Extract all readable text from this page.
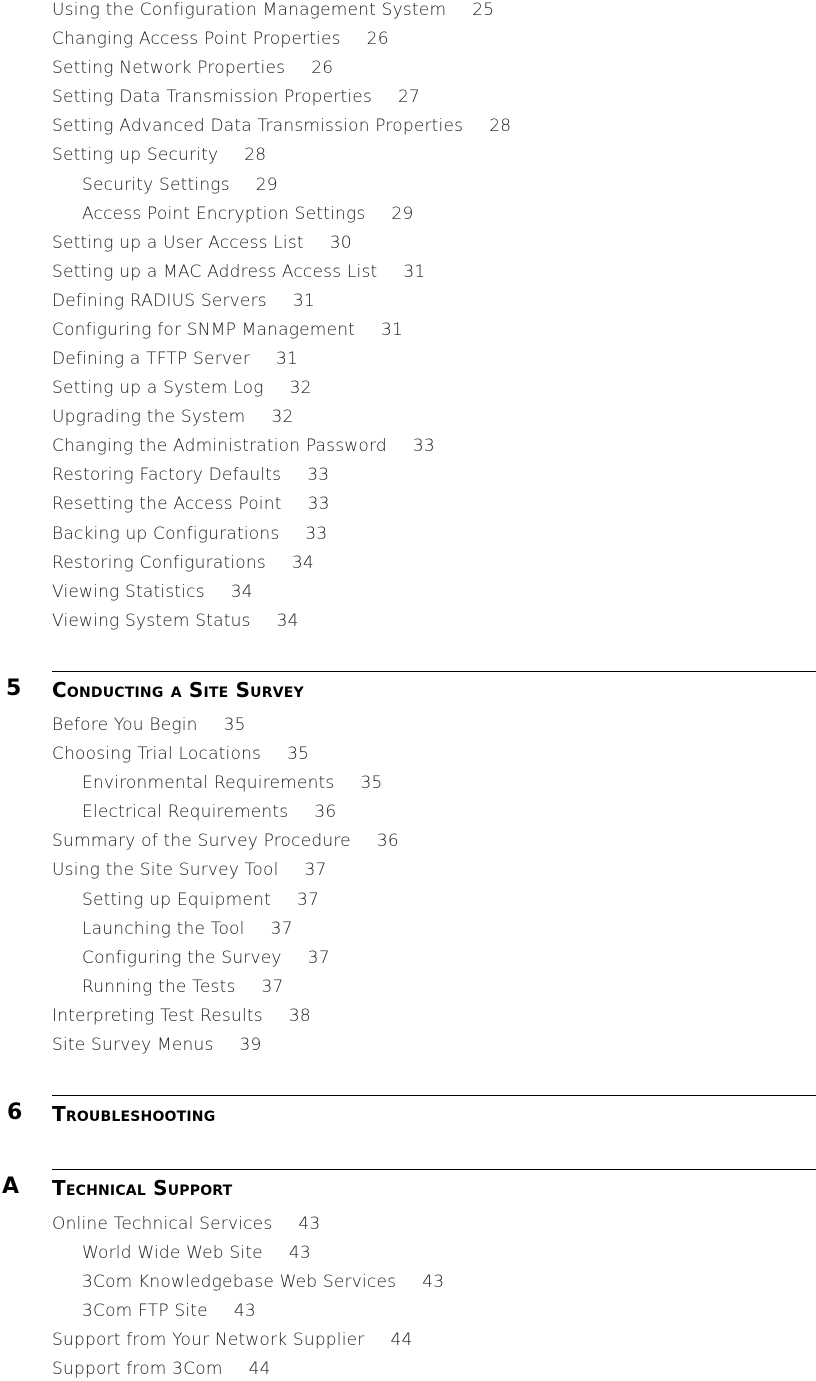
Using the Configuration Management System 25
Changing Access Point Properties 26
Setting Network Properties 26
Setting Data Transmission Properties 27
Setting Advanced Data Transmission Properties 28
Setting up Security 28
Security Settings 29
Access Point Encryption Settings 29
Setting up a User Access List 30
Setting up a MAC Address Access List 31
Defining RADIUS Servers 31
Configuring for SNMP Management 31
Defining a TFTP Server 31
Setting up a System Log 32
Upgrading the System 32
Changing the Administration Password 33
Restoring Factory Defaults 33
Resetting the Access Point 33
Backing up Configurations 33
Restoring Configurations 34
Viewing Statistics 34
Viewing System Status 34
5 Conducting a Site Survey
Before You Begin 35
Choosing Trial Locations 35
Environmental Requirements 35
Electrical Requirements 36
Summary of the Survey Procedure 36
Using the Site Survey Tool 37
Setting up Equipment 37
Launching the Tool 37
Configuring the Survey 37
Running the Tests 37
Interpreting Test Results 38
Site Survey Menus 39
6 Troubleshooting
A Technical Support
Online Technical Services 43
World Wide Web Site 43
3Com Knowledgebase Web Services 43
3Com FTP Site 43
Support from Your Network Supplier 44
Support from 3Com 44
